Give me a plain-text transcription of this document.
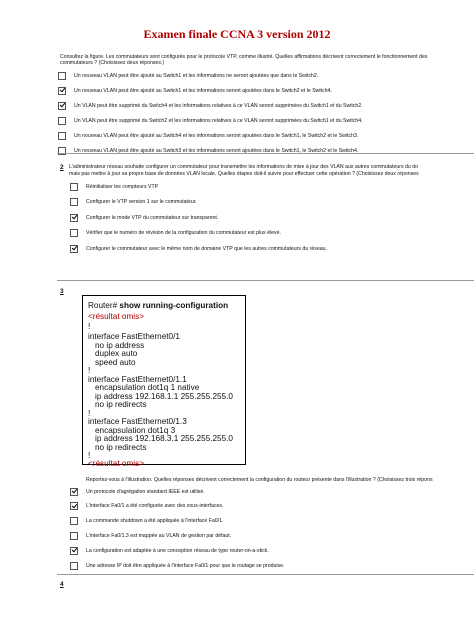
Examen finale CCNA 3 version 2012
Consultez la figure. Les commutateurs sont configurés pour le protocole VTP, comme illustré. Quelles affirmations décrivent correctement le fonctionnement des
commutateurs ? (Choisissez deux réponses.)
Un nouveau VLAN peut être ajouté au Switch1 et les informations ne seront ajoutées que dans le Switch2.
Un nouveau VLAN peut être ajouté au Switch1 et les informations seront ajoutées dans le Switch2 et le Switch4.
Un VLAN peut être supprimé du Switch4 et les informations relatives à ce VLAN seront supprimées du Switch1 et du Switch2.
Un VLAN peut être supprimé du Switch2 et les informations relatives à ce VLAN seront supprimées du Switch1 et du Switch4.
Un nouveau VLAN peut être ajouté au Switch4 et les informations seront ajoutées dans le Switch1, le Switch2 et le Switch3.
Un nouveau VLAN peut être ajouté au Switch3 et les informations seront ajoutées dans le Switch1, le Switch2 et le Switch4.
2 L'administrateur réseau souhaite configurer un commutateur pour transmettre les informations de mise à jour des VLAN aux autres commutateurs du do
mais pas mettre à jour sa propre base de données VLAN locale. Quelles étapes doit-il suivre pour effectuer cette opération ? (Choisissez deux réponses
Réinitialiser les compteurs VTP
Configurer le VTP version 1 sur le commutateur.
Configurer le mode VTP du commutateur sur transparent.
Vérifier que le numéro de révision de la configuration du commutateur est plus élevé.
Configurer le commutateur avec le même nom de domaine VTP que les autres commutateurs du réseau.
3
Router# show running-configuration
<résultat omis>
!
interface FastEthernet0/1
no ip address
duplex auto
speed auto
!
interface FastEthernet0/1.1
encapsulation dot1q 1 native
ip address 192.168.1.1 255.255.255.0
no ip redirects
!
interface FastEthernet0/1.3
encapsulation dot1q 3
ip address 192.168.3.1 255.255.255.0
no ip redirects
!
<résultat omis>
Reportez-vous à l'illustration. Quelles réponses décrivent correctement la configuration du routeur présente dans l'illustration ? (Choisissez trois répons
Un protocole d'agrégation standard IEEE est utilisé.
L'interface Fa0/1 a été configurée avec des sous-interfaces.
La commande shutdown a été appliquée à l'interface Fa0/1.
L'interface Fa0/1.3 est mappée au VLAN de gestion par défaut.
La configuration est adaptée à une conception réseau de type router-on-a-stick.
Une adresse IP doit être appliquée à l'interface Fa0/1 pour que le routage se produise.
4
